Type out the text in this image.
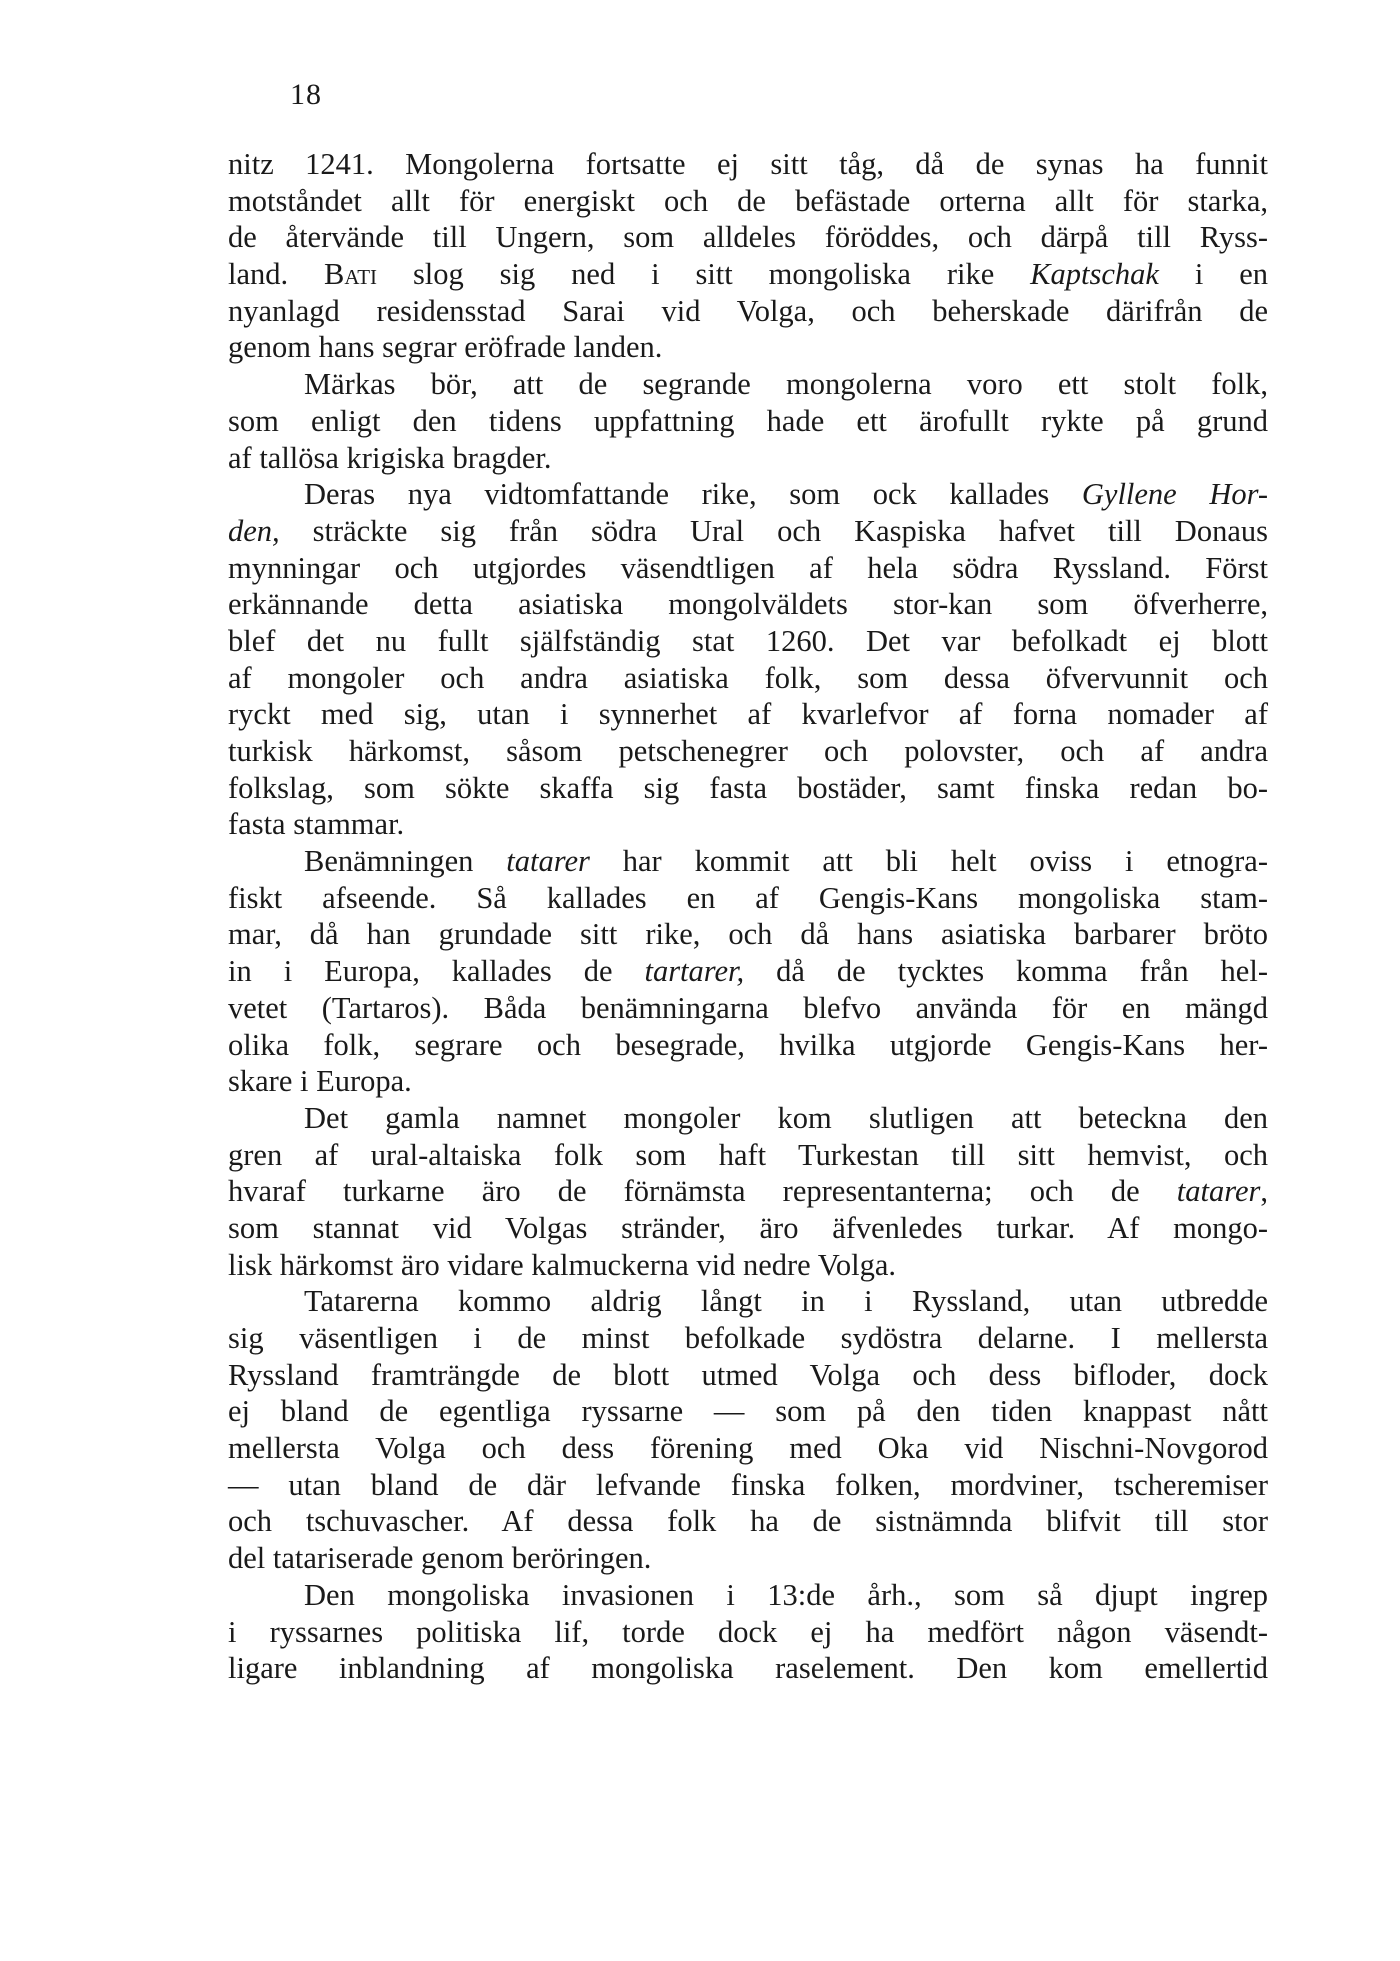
18
nitz 1241. Mongolerna fortsatte ej sitt tåg, då de synas ha funnit
motståndet allt för energiskt och de befästade orterna allt för starka,
de återvände till Ungern, som alldeles föröddes, och därpå till Ryss-
land. Bati slog sig ned i sitt mongoliska rike Kaptschak i en
nyanlagd residensstad Sarai vid Volga, och beherskade därifrån de
genom hans segrar eröfrade landen.
Märkas bör, att de segrande mongolerna voro ett stolt folk,
som enligt den tidens uppfattning hade ett ärofullt rykte på grund
af tallösa krigiska bragder.
Deras nya vidtomfattande rike, som ock kallades Gyllene Hor-
den, sträckte sig från södra Ural och Kaspiska hafvet till Donaus
mynningar och utgjordes väsendtligen af hela södra Ryssland. Först
erkännande detta asiatiska mongolväldets stor-kan som öfverherre,
blef det nu fullt själfständig stat 1260. Det var befolkadt ej blott
af mongoler och andra asiatiska folk, som dessa öfvervunnit och
ryckt med sig, utan i synnerhet af kvarlefvor af forna nomader af
turkisk härkomst, såsom petschenegrer och polovster, och af andra
folkslag, som sökte skaffa sig fasta bostäder, samt finska redan bo-
fasta stammar.
Benämningen tatarer har kommit att bli helt oviss i etnogra-
fiskt afseende. Så kallades en af Gengis-Kans mongoliska stam-
mar, då han grundade sitt rike, och då hans asiatiska barbarer bröto
in i Europa, kallades de tartarer, då de tycktes komma från hel-
vetet (Tartaros). Båda benämningarna blefvo använda för en mängd
olika folk, segrare och besegrade, hvilka utgjorde Gengis-Kans her-
skare i Europa.
Det gamla namnet mongoler kom slutligen att beteckna den
gren af ural-altaiska folk som haft Turkestan till sitt hemvist, och
hvaraf turkarne äro de förnämsta representanterna; och de tatarer,
som stannat vid Volgas stränder, äro äfvenledes turkar. Af mongo-
lisk härkomst äro vidare kalmuckerna vid nedre Volga.
Tatarerna kommo aldrig långt in i Ryssland, utan utbredde
sig väsentligen i de minst befolkade sydöstra delarne. I mellersta
Ryssland framträngde de blott utmed Volga och dess bifloder, dock
ej bland de egentliga ryssarne — som på den tiden knappast nått
mellersta Volga och dess förening med Oka vid Nischni-Novgorod
— utan bland de där lefvande finska folken, mordviner, tscheremiser
och tschuvascher. Af dessa folk ha de sistnämnda blifvit till stor
del tatariserade genom beröringen.
Den mongoliska invasionen i 13:de årh., som så djupt ingrep
i ryssarnes politiska lif, torde dock ej ha medfört någon väsendt-
ligare inblandning af mongoliska raselement. Den kom emellertid
